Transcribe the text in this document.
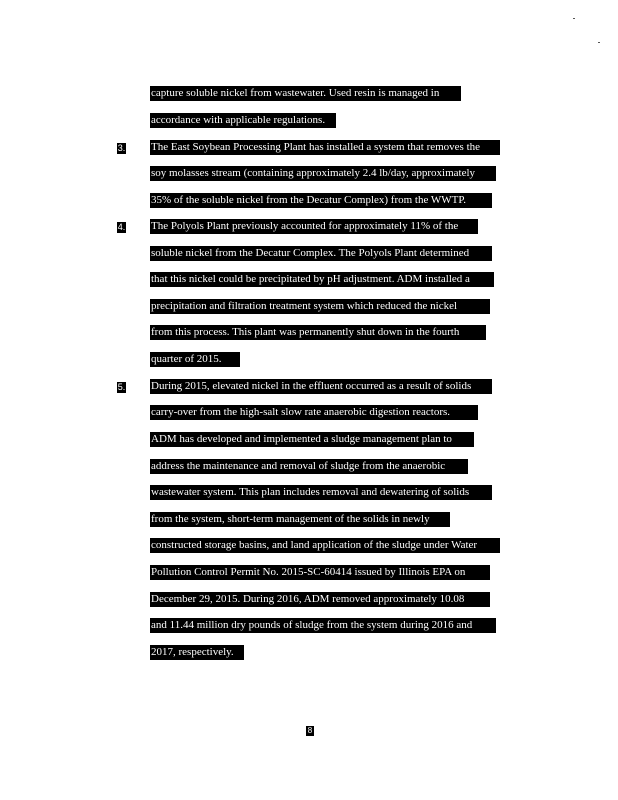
capture soluble nickel from wastewater. Used resin is managed in
accordance with applicable regulations.
3. The East Soybean Processing Plant has installed a system that removes the
soy molasses stream (containing approximately 2.4 lb/day, approximately
35% of the soluble nickel from the Decatur Complex) from the WWTP.
4. The Polyols Plant previously accounted for approximately 11% of the
soluble nickel from the Decatur Complex. The Polyols Plant determined
that this nickel could be precipitated by pH adjustment. ADM installed a
precipitation and filtration treatment system which reduced the nickel
from this process. This plant was permanently shut down in the fourth
quarter of 2015.
5. During 2015, elevated nickel in the effluent occurred as a result of solids
carry-over from the high-salt slow rate anaerobic digestion reactors.
ADM has developed and implemented a sludge management plan to
address the maintenance and removal of sludge from the anaerobic
wastewater system. This plan includes removal and dewatering of solids
from the system, short-term management of the solids in newly
constructed storage basins, and land application of the sludge under Water
Pollution Control Permit No. 2015-SC-60414 issued by Illinois EPA on
December 29, 2015. During 2016, ADM removed approximately 10.08
and 11.44 million dry pounds of sludge from the system during 2016 and
2017, respectively.
8
